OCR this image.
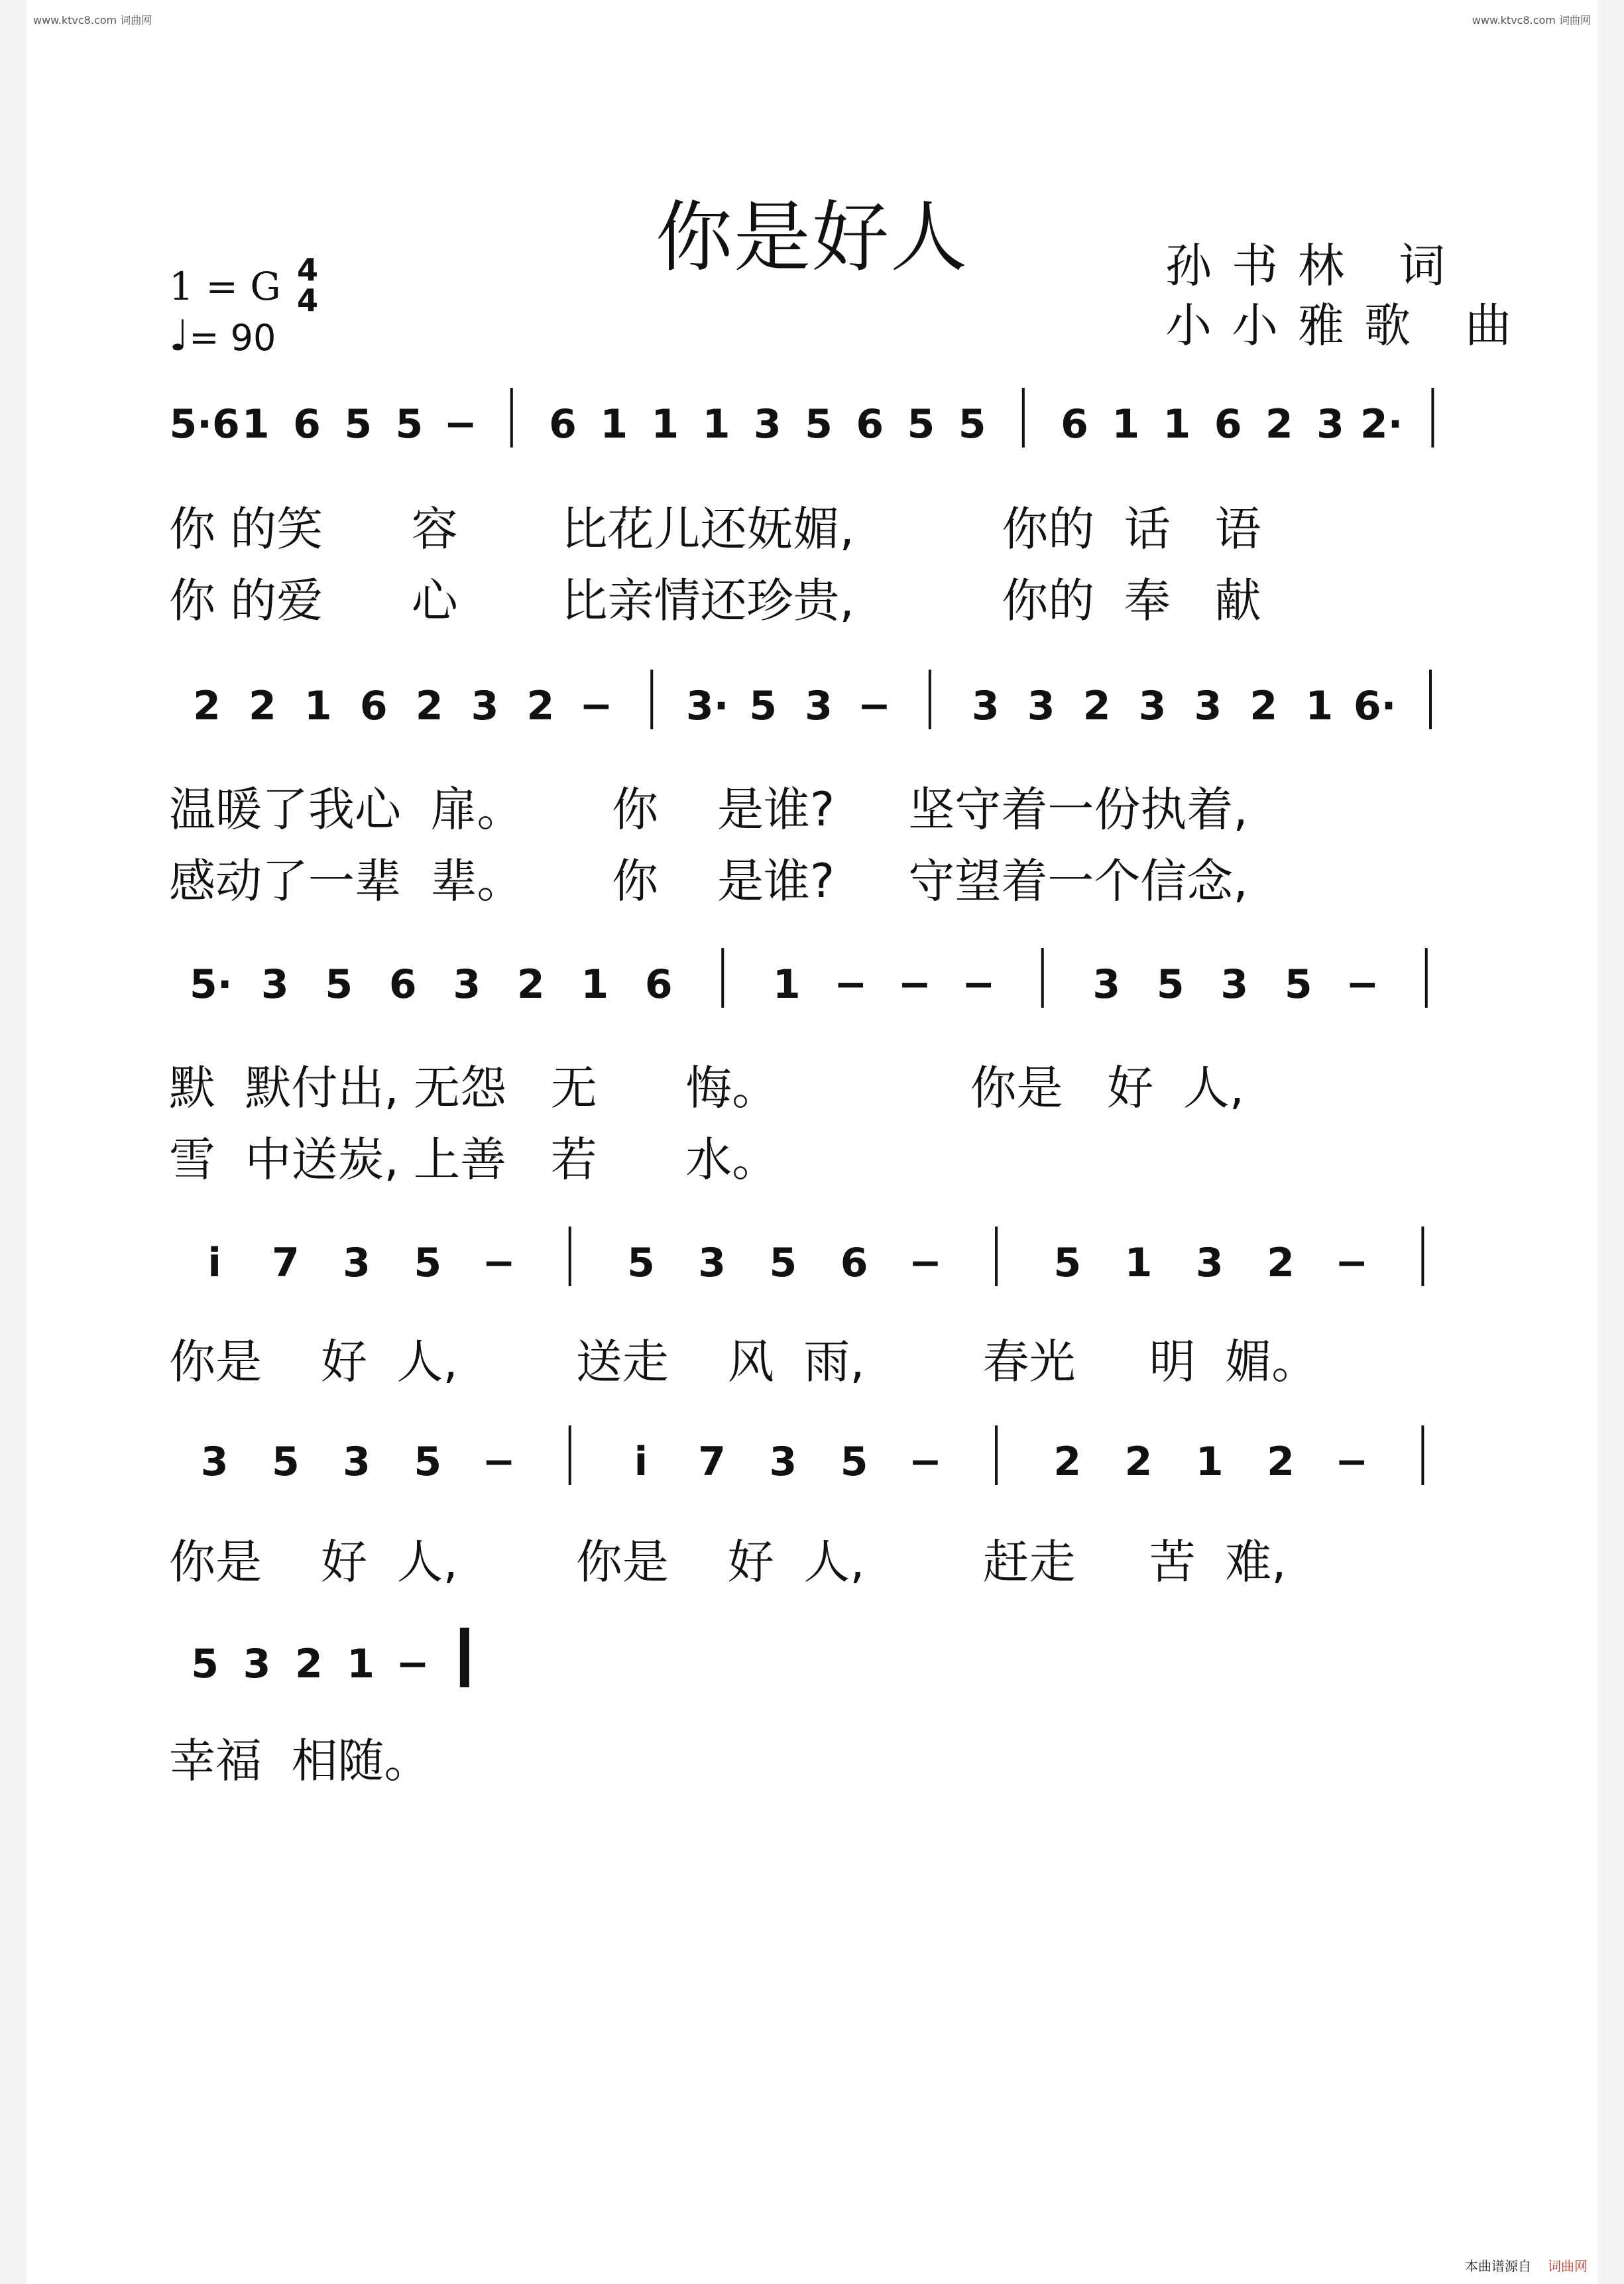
www.ktvc8.com 词曲网	www.ktvc8.com 词曲网
你是好人	孙书林 词
小小雅歌 曲
1 = G 4
4
♩= 90
5·6 1 6 5 5 − 6 1 1 1 3 5 6 5 5 6 1 1 6 2 3 2·
2 2 1 6 2 3 2 − 3· 5 3 − 3 3 2 3 3 2 1 6·
5· 3 5 6 3 2 1 6	1 − − − 3 5 3 5 −
i 7 3 5 −	5 3 5 6 −	5 1 3 2 −
3 5 3 5 −	i 7 3 5 −	2 2 1 2 −
5 3 2 1 −
你 的笑      容       比花儿还妩媚,          你的  话   语
你 的爱      心       比亲情还珍贵,          你的  奉   献
温暖了我心  扉。      你    是谁?     坚守着一份执着,
感动了一辈  辈。      你    是谁?     守望着一个信念,
默  默付出, 无怨   无      悔。             你是   好  人,
雪  中送炭, 上善   若      水。
你是    好  人,        送走    风  雨,        春光     明  媚。
你是    好  人,        你是    好  人,        赶走     苦  难,
幸福  相随。
本曲谱源自 词曲网
